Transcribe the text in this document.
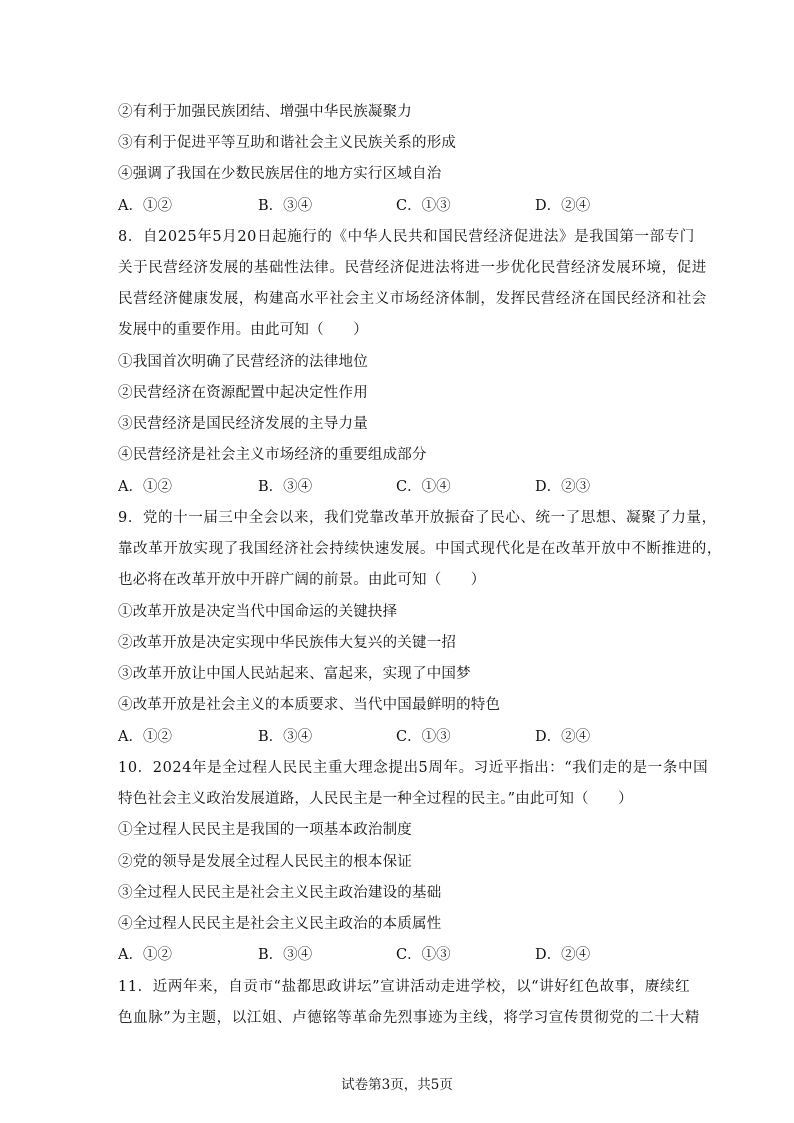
②有利于加强民族团结、增强中华民族凝聚力
③有利于促进平等互助和谐社会主义民族关系的形成
④强调了我国在少数民族居住的地方实行区域自治
A．①②	B．③④	C．①③	D．②④
8．自2025年5月20日起施行的《中华人民共和国民营经济促进法》是我国第一部专门
关于民营经济发展的基础性法律。民营经济促进法将进一步优化民营经济发展环境，促进
民营经济健康发展，构建高水平社会主义市场经济体制，发挥民营经济在国民经济和社会
发展中的重要作用。由此可知（　　）
①我国首次明确了民营经济的法律地位
②民营经济在资源配置中起决定性作用
③民营经济是国民经济发展的主导力量
④民营经济是社会主义市场经济的重要组成部分
A．①②	B．③④	C．①④	D．②③
9．党的十一届三中全会以来，我们党靠改革开放振奋了民心、统一了思想、凝聚了力量，
靠改革开放实现了我国经济社会持续快速发展。中国式现代化是在改革开放中不断推进的，
也必将在改革开放中开辟广阔的前景。由此可知（　　）
①改革开放是决定当代中国命运的关键抉择
②改革开放是决定实现中华民族伟大复兴的关键一招
③改革开放让中国人民站起来、富起来，实现了中国梦
④改革开放是社会主义的本质要求、当代中国最鲜明的特色
A．①②	B．③④	C．①③	D．②④
10．2024年是全过程人民民主重大理念提出5周年。习近平指出：“我们走的是一条中国
特色社会主义政治发展道路，人民民主是一种全过程的民主。”由此可知（　　）
①全过程人民民主是我国的一项基本政治制度
②党的领导是发展全过程人民民主的根本保证
③全过程人民民主是社会主义民主政治建设的基础
④全过程人民民主是社会主义民主政治的本质属性
A．①②	B．③④	C．①③	D．②④
11．近两年来，自贡市“盐都思政讲坛”宣讲活动走进学校，以“讲好红色故事，赓续红
色血脉”为主题，以江姐、卢德铭等革命先烈事迹为主线，将学习宣传贯彻党的二十大精
试卷第3页，共5页
